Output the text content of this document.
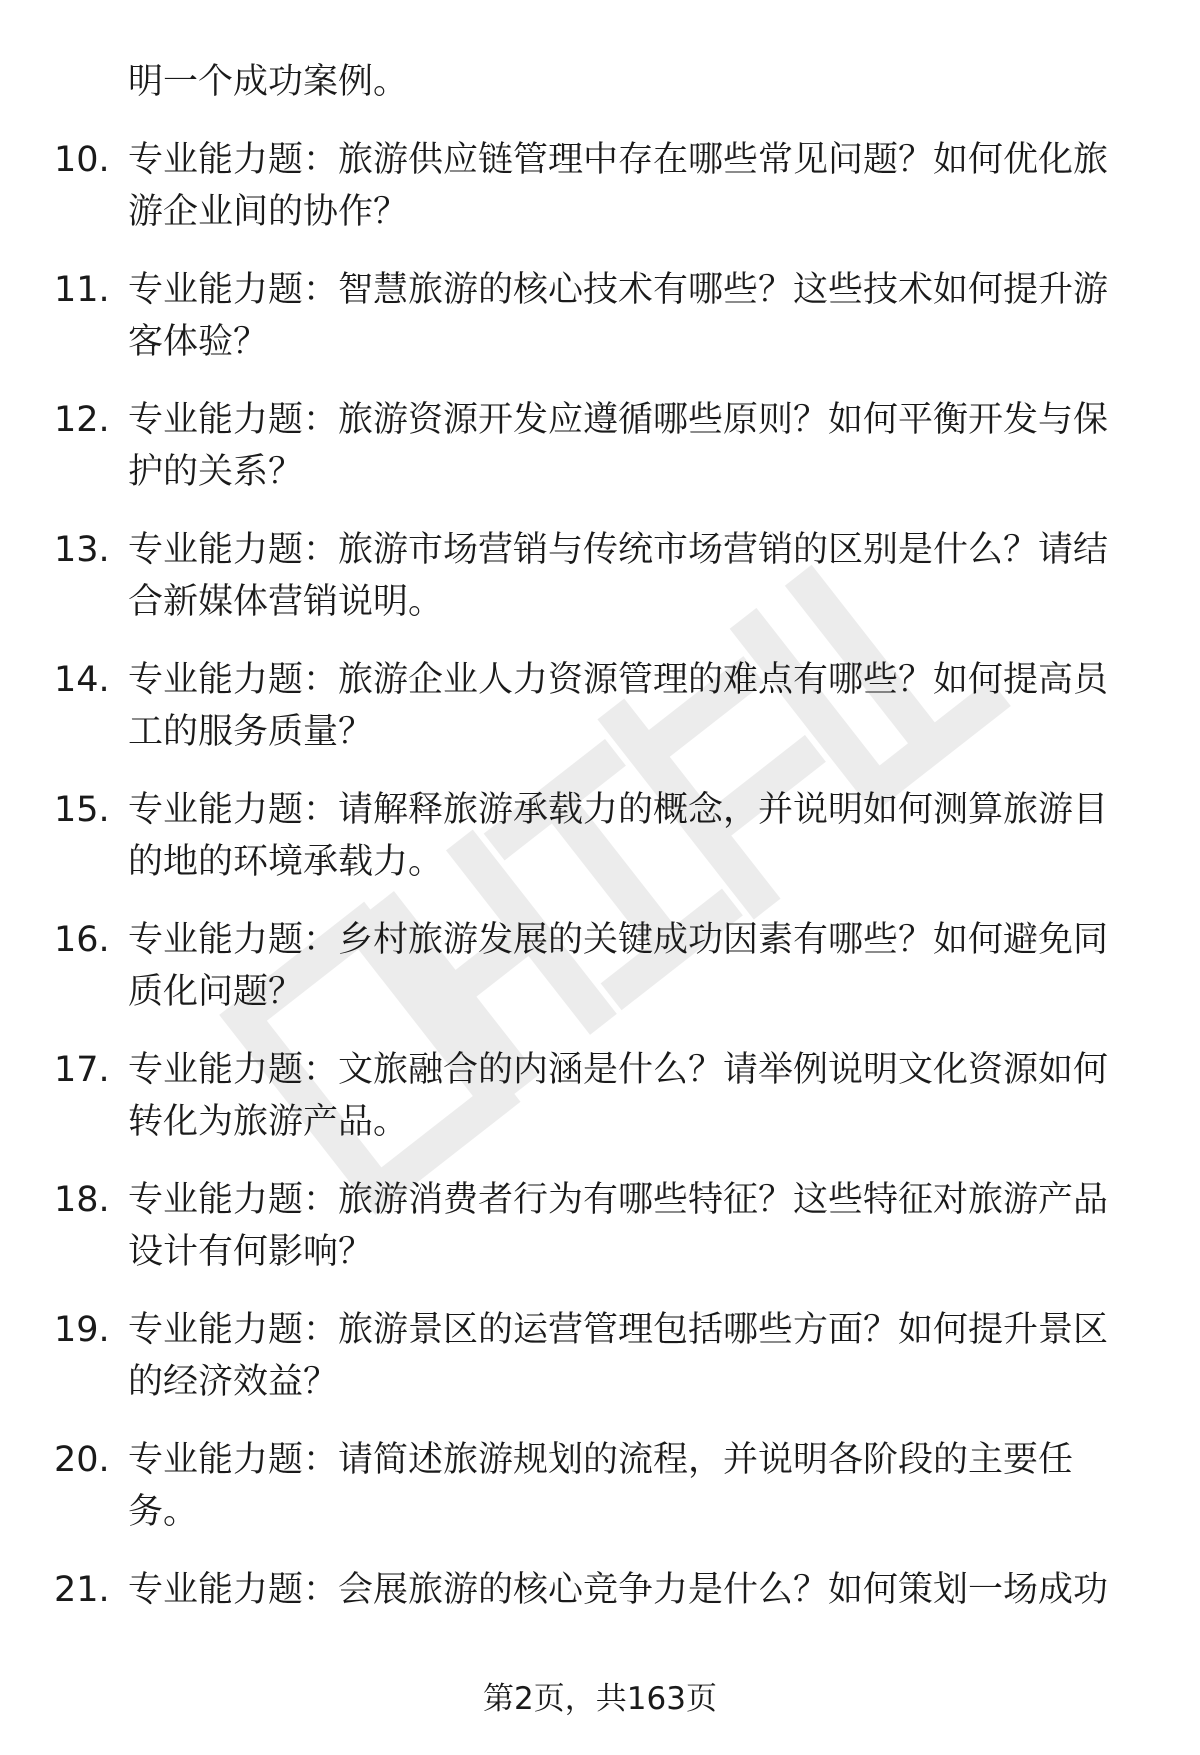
明一个成功案例。
10. 专业能力题：旅游供应链管理中存在哪些常见问题？如何优化旅
游企业间的协作？
11. 专业能力题：智慧旅游的核心技术有哪些？这些技术如何提升游
客体验？
12. 专业能力题：旅游资源开发应遵循哪些原则？如何平衡开发与保
护的关系？
13. 专业能力题：旅游市场营销与传统市场营销的区别是什么？请结
合新媒体营销说明。
14. 专业能力题：旅游企业人力资源管理的难点有哪些？如何提高员
工的服务质量？
15. 专业能力题：请解释旅游承载力的概念，并说明如何测算旅游目
的地的环境承载力。
16. 专业能力题：乡村旅游发展的关键成功因素有哪些？如何避免同
质化问题？
17. 专业能力题：文旅融合的内涵是什么？请举例说明文化资源如何
转化为旅游产品。
18. 专业能力题：旅游消费者行为有哪些特征？这些特征对旅游产品
设计有何影响？
19. 专业能力题：旅游景区的运营管理包括哪些方面？如何提升景区
的经济效益？
20. 专业能力题：请简述旅游规划的流程，并说明各阶段的主要任
务。
21. 专业能力题：会展旅游的核心竞争力是什么？如何策划一场成功
第2页，共163页
